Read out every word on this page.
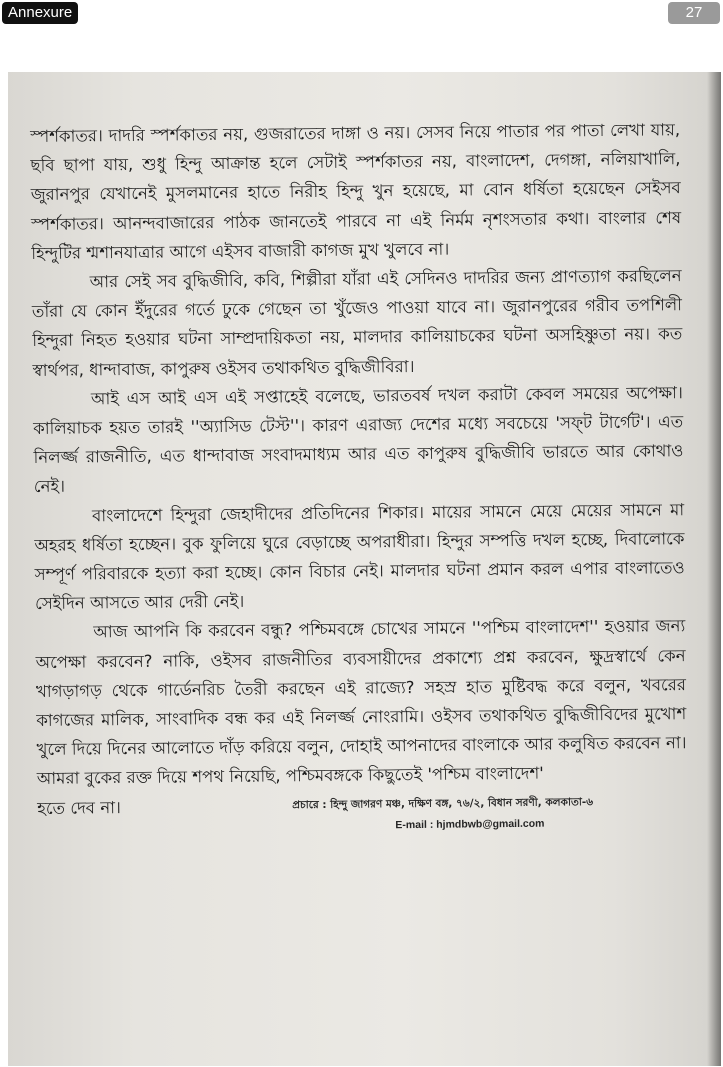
Annexure	27

স্পর্শকাতর। দাদরি স্পর্শকাতর নয়, গুজরাতের দাঙ্গা ও নয়। সেসব নিয়ে পাতার পর পাতা লেখা যায়, ছবি ছাপা যায়, শুধু হিন্দু আক্রান্ত হলে সেটাই স্পর্শকাতর নয়, বাংলাদেশ, দেগঙ্গা, নলিয়াখালি, জুরানপুর যেখানেই মুসলমানের হাতে নিরীহ হিন্দু খুন হয়েছে, মা বোন ধর্ষিতা হয়েছেন সেইসব স্পর্শকাতর। আনন্দবাজারের পাঠক জানতেই পারবে না এই নির্মম নৃশংসতার কথা। বাংলার শেষ হিন্দুটির শ্মশানযাত্রার আগে এইসব বাজারী কাগজ মুখ খুলবে না।

আর সেই সব বুদ্ধিজীবি, কবি, শিল্পীরা যাঁরা এই সেদিনও দাদরির জন্য প্রাণত্যাগ করছিলেন তাঁরা যে কোন ইঁদুরের গর্তে ঢুকে গেছেন তা খুঁজেও পাওয়া যাবে না। জুরানপুরের গরীব তপশিলী হিন্দুরা নিহত হওয়ার ঘটনা সাম্প্রদায়িকতা নয়, মালদার কালিয়াচকের ঘটনা অসহিষ্ণুতা নয়। কত স্বার্থপর, ধান্দাবাজ, কাপুরুষ ওইসব তথাকথিত বুদ্ধিজীবিরা।

আই এস আই এস এই সপ্তাহেই বলেছে, ভারতবর্ষ দখল করাটা কেবল সময়ের অপেক্ষা। কালিয়াচক হয়ত তারই ''অ্যাসিড টেস্ট''। কারণ এরাজ্য দেশের মধ্যে সবচেয়ে 'সফ্‌ট টার্গেট'। এত নিলর্জ্জ রাজনীতি, এত ধান্দাবাজ সংবাদমাধ্যম আর এত কাপুরুষ বুদ্ধিজীবি ভারতে আর কোথাও নেই।

বাংলাদেশে হিন্দুরা জেহাদীদের প্রতিদিনের শিকার। মায়ের সামনে মেয়ে মেয়ের সামনে মা অহরহ ধর্ষিতা হচ্ছেন। বুক ফুলিয়ে ঘুরে বেড়াচ্ছে অপরাধীরা। হিন্দুর সম্পত্তি দখল হচ্ছে, দিবালোকে সম্পূর্ণ পরিবারকে হত্যা করা হচ্ছে। কোন বিচার নেই। মালদার ঘটনা প্রমান করল এপার বাংলাতেও সেইদিন আসতে আর দেরী নেই।

আজ আপনি কি করবেন বন্ধু? পশ্চিমবঙ্গে চোখের সামনে ''পশ্চিম বাংলাদেশ'' হওয়ার জন্য অপেক্ষা করবেন? নাকি, ওইসব রাজনীতির ব্যবসায়ীদের প্রকাশ্যে প্রশ্ন করবেন, ক্ষুদ্রস্বার্থে কেন খাগড়াগড় থেকে গার্ডেনরিচ তৈরী করছেন এই রাজ্যে? সহস্র হাত মুষ্টিবদ্ধ করে বলুন, খবরের কাগজের মালিক, সাংবাদিক বন্ধ কর এই নিলর্জ্জ নোংরামি। ওইসব তথাকথিত বুদ্ধিজীবিদের মুখোশ খুলে দিয়ে দিনের আলোতে দাঁড় করিয়ে বলুন, দোহাই আপনাদের বাংলাকে আর কলুষিত করবেন না। আমরা বুকের রক্ত দিয়ে শপথ নিয়েছি, পশ্চিমবঙ্গকে কিছুতেই 'পশ্চিম বাংলাদেশ'

হতে দেব না।	প্রচারে : হিন্দু জাগরণ মঞ্চ, দক্ষিণ বঙ্গ, ৭৬/২, বিধান সরণী, কলকাতা-৬
E-mail : hjmdbwb@gmail.com
